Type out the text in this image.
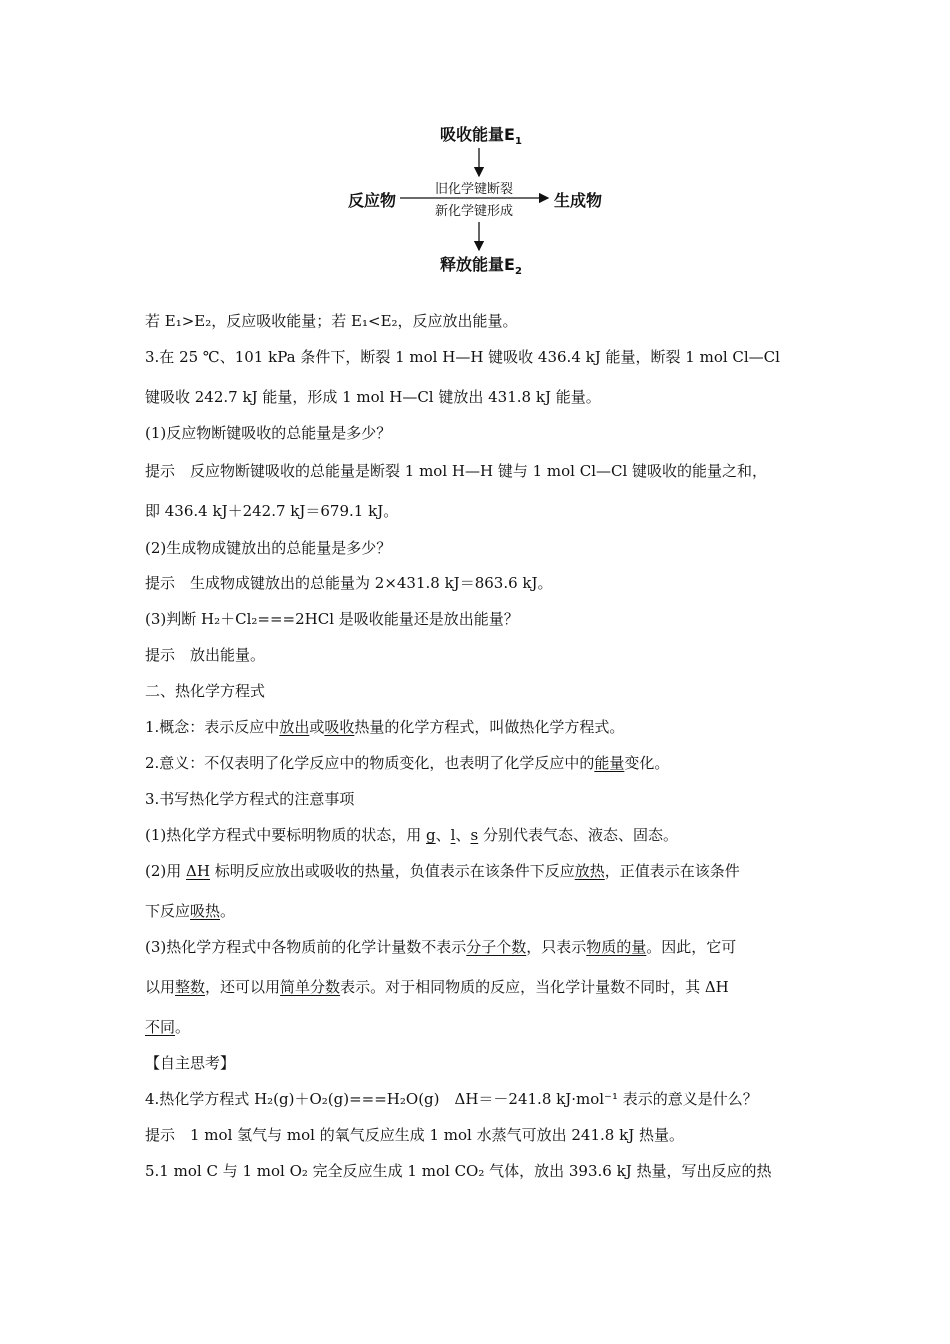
吸收能量$E_1$
反应物	生成物
旧化学键断裂
新化学键形成
释放能量$E_2$
若 E₁>E₂，反应吸收能量；若 E₁<E₂，反应放出能量。
3.在 25 ℃、101 kPa 条件下，断裂 1 mol H—H 键吸收 436.4 kJ 能量，断裂 1 mol Cl—Cl
键吸收 242.7 kJ 能量，形成 1 mol H—Cl 键放出 431.8 kJ 能量。
(1)反应物断键吸收的总能量是多少？
提示　反应物断键吸收的总能量是断裂 1 mol H—H 键与 1 mol Cl—Cl 键吸收的能量之和，
即 436.4 kJ＋242.7 kJ＝679.1 kJ。
(2)生成物成键放出的总能量是多少？
提示　生成物成键放出的总能量为 2×431.8 kJ＝863.6 kJ。
(3)判断 H₂＋Cl₂===2HCl 是吸收能量还是放出能量？
提示　放出能量。
二、热化学方程式
1.概念：表示反应中放出或吸收热量的化学方程式，叫做热化学方程式。
2.意义：不仅表明了化学反应中的物质变化，也表明了化学反应中的能量变化。
3.书写热化学方程式的注意事项
(1)热化学方程式中要标明物质的状态，用 g、l、s 分别代表气态、液态、固态。
(2)用 ΔH 标明反应放出或吸收的热量，负值表示在该条件下反应放热，正值表示在该条件
下反应吸热。
(3)热化学方程式中各物质前的化学计量数不表示分子个数，只表示物质的量。因此，它可
以用整数，还可以用简单分数表示。对于相同物质的反应，当化学计量数不同时，其 ΔH
不同。
【自主思考】
4.热化学方程式 H₂(g)＋O₂(g)===H₂O(g)　ΔH＝－241.8 kJ·mol⁻¹ 表示的意义是什么？
提示　1 mol 氢气与 mol 的氧气反应生成 1 mol 水蒸气可放出 241.8 kJ 热量。
5.1 mol C 与 1 mol O₂ 完全反应生成 1 mol CO₂ 气体，放出 393.6 kJ 热量，写出反应的热
